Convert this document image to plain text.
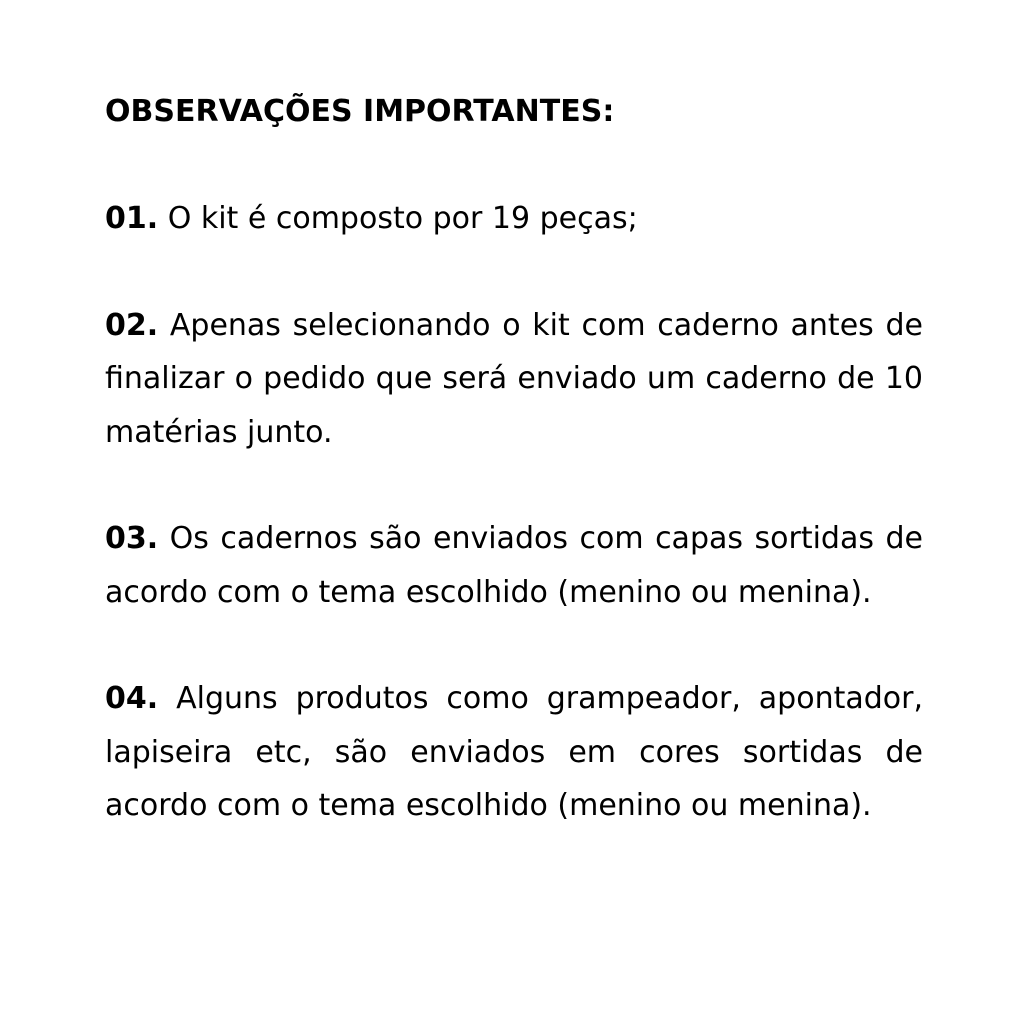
OBSERVAÇÕES IMPORTANTES:

01. O kit é composto por 19 peças;

02. Apenas selecionando o kit com caderno antes de finalizar o pedido que será enviado um caderno de 10 matérias junto.

03. Os cadernos são enviados com capas sortidas de acordo com o tema escolhido (menino ou menina).

04. Alguns produtos como grampeador, apontador, lapiseira etc, são enviados em cores sortidas de acordo com o tema escolhido (menino ou menina).
